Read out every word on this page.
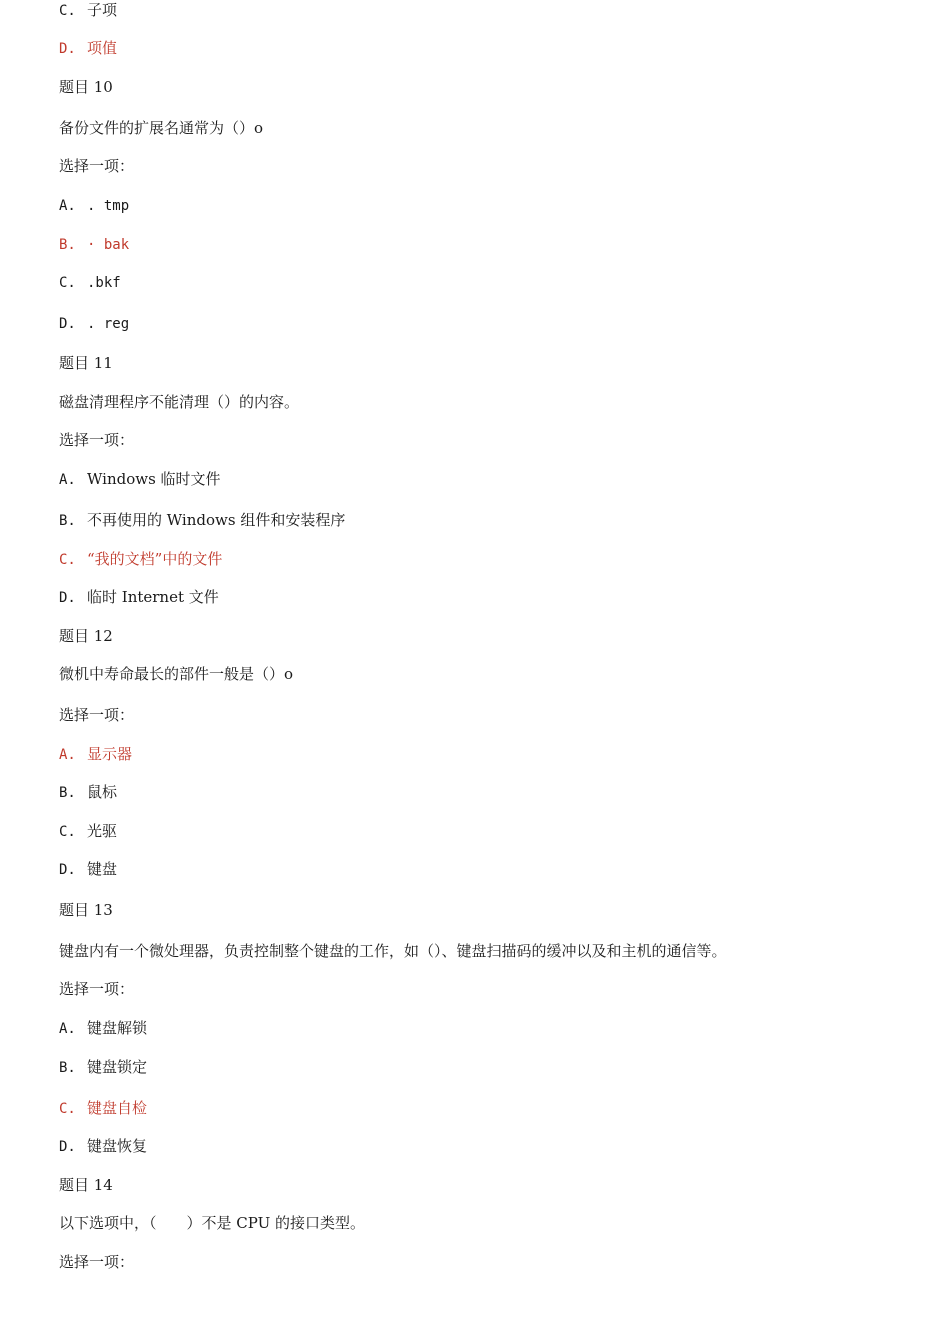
C. 子项
D. 项值
题目 10
备份文件的扩展名通常为（）o
选择一项：
A. . tmp
B. · bak
C. .bkf
D. . reg
题目 11
磁盘清理程序不能清理（）的内容。
选择一项：
A. Windows 临时文件
B. 不再使用的 Windows 组件和安装程序
C. “我的文档”中的文件
D. 临时 Internet 文件
题目 12
微机中寿命最长的部件一般是（）o
选择一项：
A. 显示器
B. 鼠标
C. 光驱
D. 键盘
题目 13
键盘内有一个微处理器，负责控制整个键盘的工作，如（）、键盘扫描码的缓冲以及和主机的通信等。
选择一项：
A. 键盘解锁
B. 键盘锁定
C. 键盘自检
D. 键盘恢复
题目 14
以下选项中，（　　）不是 CPU 的接口类型。
选择一项：
